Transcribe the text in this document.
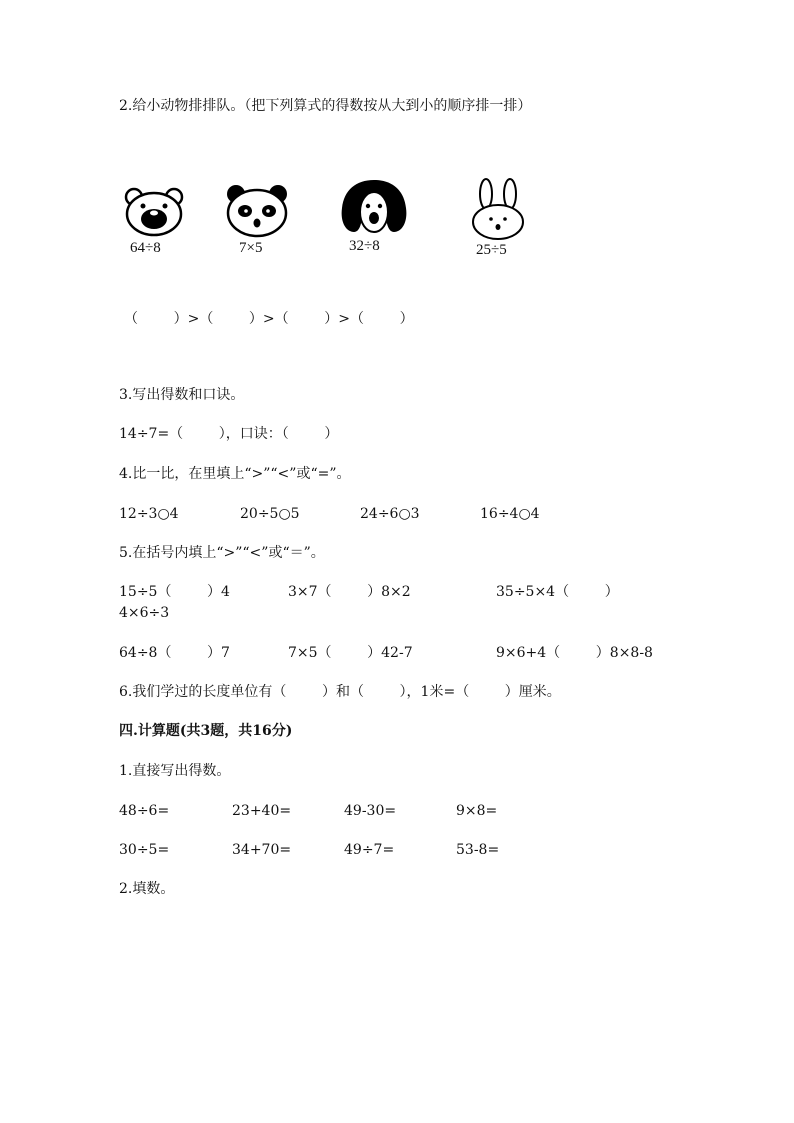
2.给小动物排排队。（把下列算式的得数按从大到小的顺序排一排）
64÷8	7×5	32÷8	25÷5
（        ）>（        ）>（        ）>（        ）
3.写出得数和口诀。
14÷7=（        ），口诀：（        ）
4.比一比，在里填上“>”“<”或“=”。
12÷3○4	20÷5○5	24÷6○3	16÷4○4
5.在括号内填上“>”“<”或“＝”。
15÷5（        ）4	3×7（        ）8×2	35÷5×4（        ）
4×6÷3
64÷8（        ）7	7×5（        ）42-7	9×6+4（        ）8×8-8
6.我们学过的长度单位有（        ）和（        ），1米=（        ）厘米。
四.计算题(共3题，共16分)
1.直接写出得数。
48÷6=	23+40=	49-30=	9×8=
30÷5=	34+70=	49÷7=	53-8=
2.填数。
